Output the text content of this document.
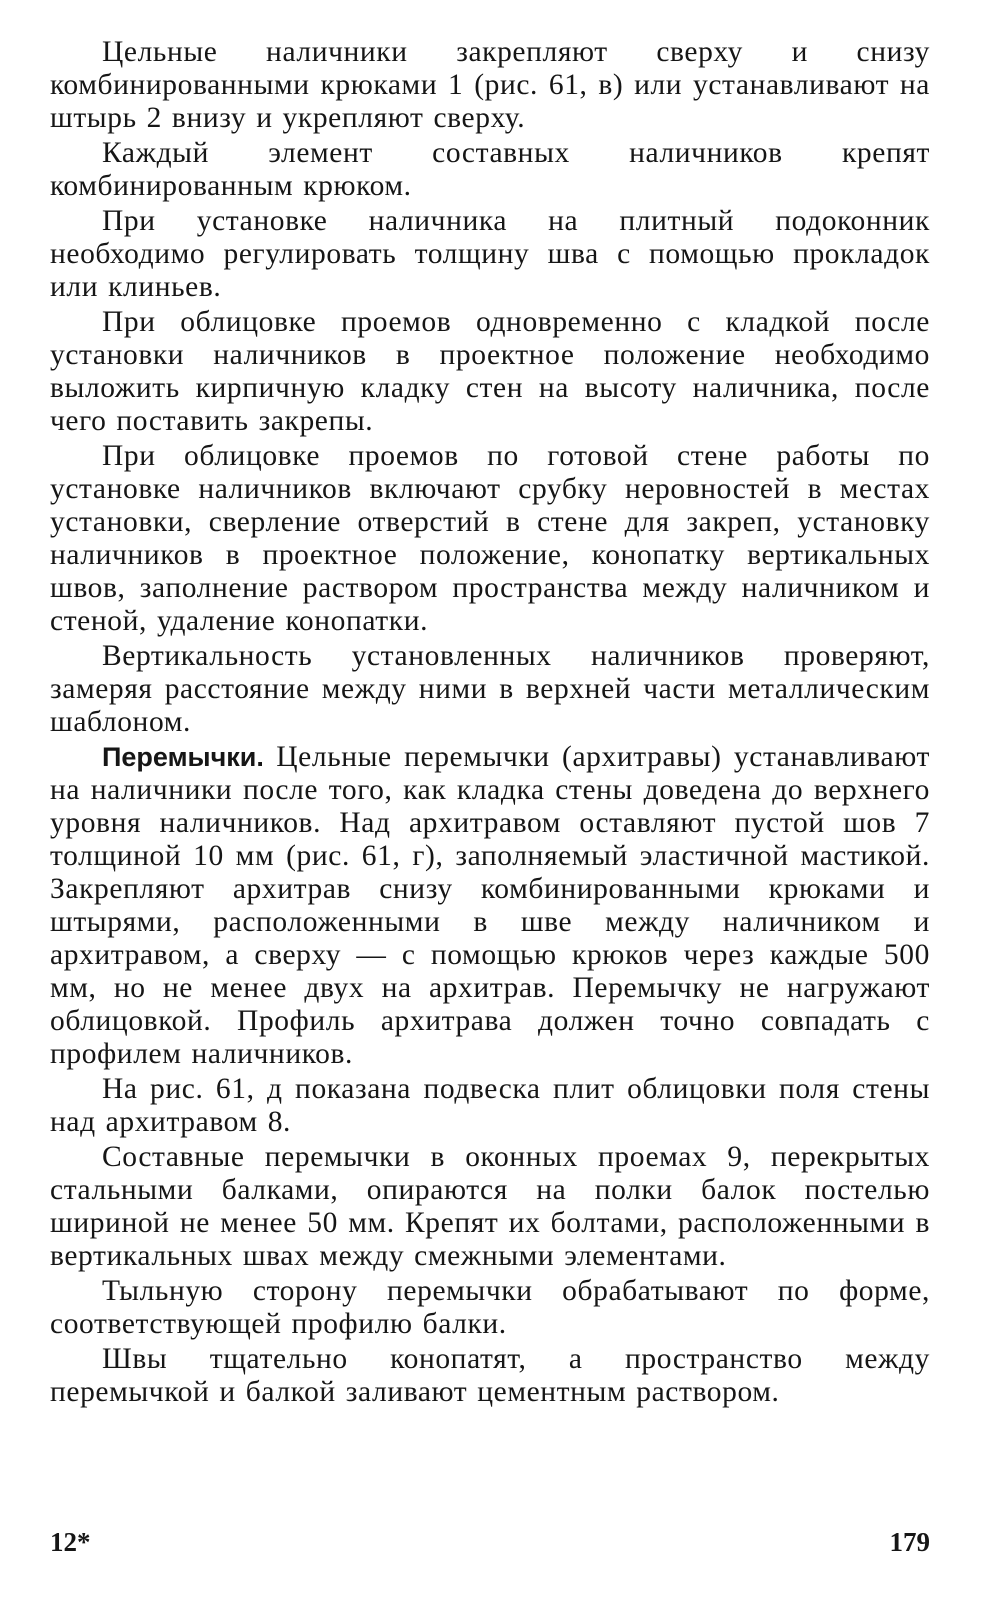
Цельные наличники закрепляют сверху и снизу комбинированными крюками 1 (рис. 61, в) или устанавливают на штырь 2 внизу и укрепляют сверху.

Каждый элемент составных наличников крепят комбинированным крюком.

При установке наличника на плитный подоконник необходимо регулировать толщину шва с помощью прокладок или клиньев.

При облицовке проемов одновременно с кладкой после установки наличников в проектное положение необходимо выложить кирпичную кладку стен на высоту наличника, после чего поставить закрепы.

При облицовке проемов по готовой стене работы по установке наличников включают срубку неровностей в местах установки, сверление отверстий в стене для закреп, установку наличников в проектное положение, конопатку вертикальных швов, заполнение раствором пространства между наличником и стеной, удаление конопатки.

Вертикальность установленных наличников проверяют, замеряя расстояние между ними в верхней части металлическим шаблоном.

Перемычки. Цельные перемычки (архитравы) устанавливают на наличники после того, как кладка стены доведена до верхнего уровня наличников. Над архитравом оставляют пустой шов 7 толщиной 10 мм (рис. 61, г), заполняемый эластичной мастикой. Закрепляют архитрав снизу комбинированными крюками и штырями, расположенными в шве между наличником и архитравом, а сверху — с помощью крюков через каждые 500 мм, но не менее двух на архитрав. Перемычку не нагружают облицовкой. Профиль архитрава должен точно совпадать с профилем наличников.

На рис. 61, д показана подвеска плит облицовки поля стены над архитравом 8.

Составные перемычки в оконных проемах 9, перекрытых стальными балками, опираются на полки балок постелью шириной не менее 50 мм. Крепят их болтами, расположенными в вертикальных швах между смежными элементами.

Тыльную сторону перемычки обрабатывают по форме, соответствующей профилю балки.

Швы тщательно конопатят, а пространство между перемычкой и балкой заливают цементным раствором.

12*	179
